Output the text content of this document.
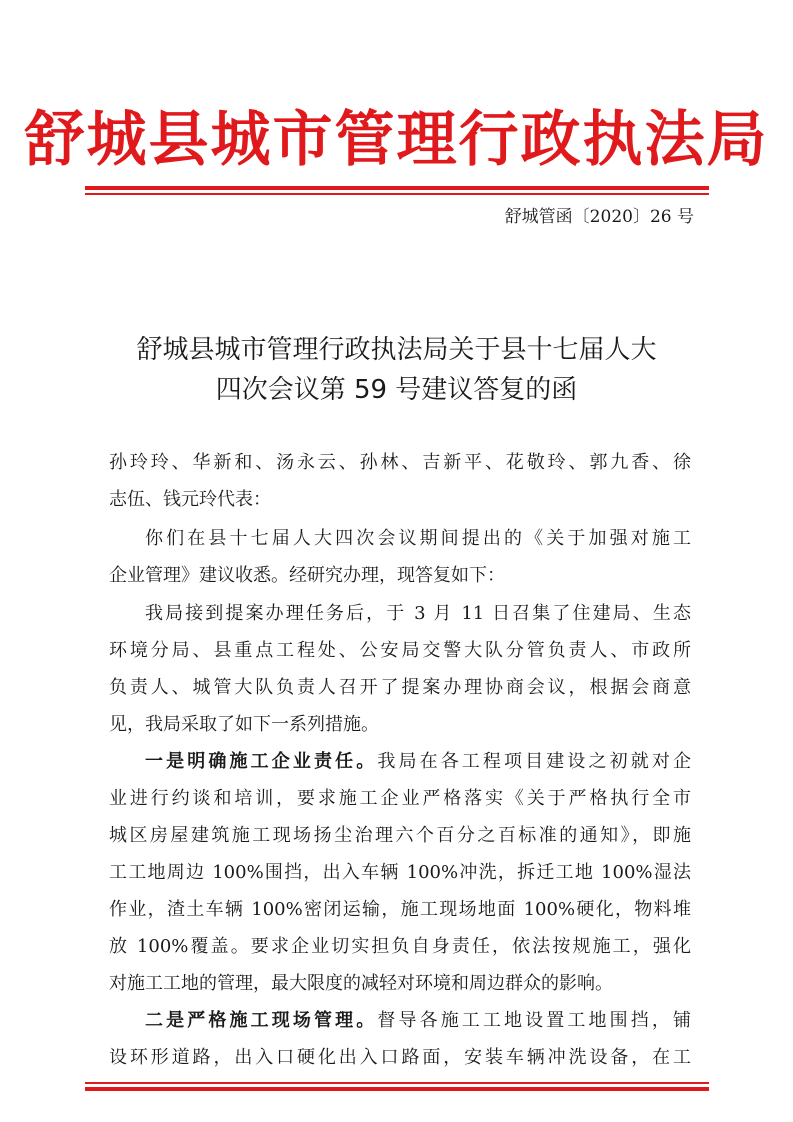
舒城县城市管理行政执法局
舒城管函〔2020〕26 号
舒城县城市管理行政执法局关于县十七届人大
四次会议第 59 号建议答复的函
孙玲玲、华新和、汤永云、孙林、吉新平、花敬玲、郭九香、徐
志伍、钱元玲代表：
你们在县十七届人大四次会议期间提出的《关于加强对施工
企业管理》建议收悉。经研究办理，现答复如下：
我局接到提案办理任务后，于 3 月 11 日召集了住建局、生态
环境分局、县重点工程处、公安局交警大队分管负责人、市政所
负责人、城管大队负责人召开了提案办理协商会议，根据会商意
见，我局采取了如下一系列措施。
一是明确施工企业责任。我局在各工程项目建设之初就对企
业进行约谈和培训，要求施工企业严格落实《关于严格执行全市
城区房屋建筑施工现场扬尘治理六个百分之百标准的通知》，即施
工工地周边 100%围挡，出入车辆 100%冲洗，拆迁工地 100%湿法
作业，渣土车辆 100%密闭运输，施工现场地面 100%硬化，物料堆
放 100%覆盖。要求企业切实担负自身责任，依法按规施工，强化
对施工工地的管理，最大限度的减轻对环境和周边群众的影响。
二是严格施工现场管理。督导各施工工地设置工地围挡，铺
设环形道路，出入口硬化出入口路面，安装车辆冲洗设备，在工
